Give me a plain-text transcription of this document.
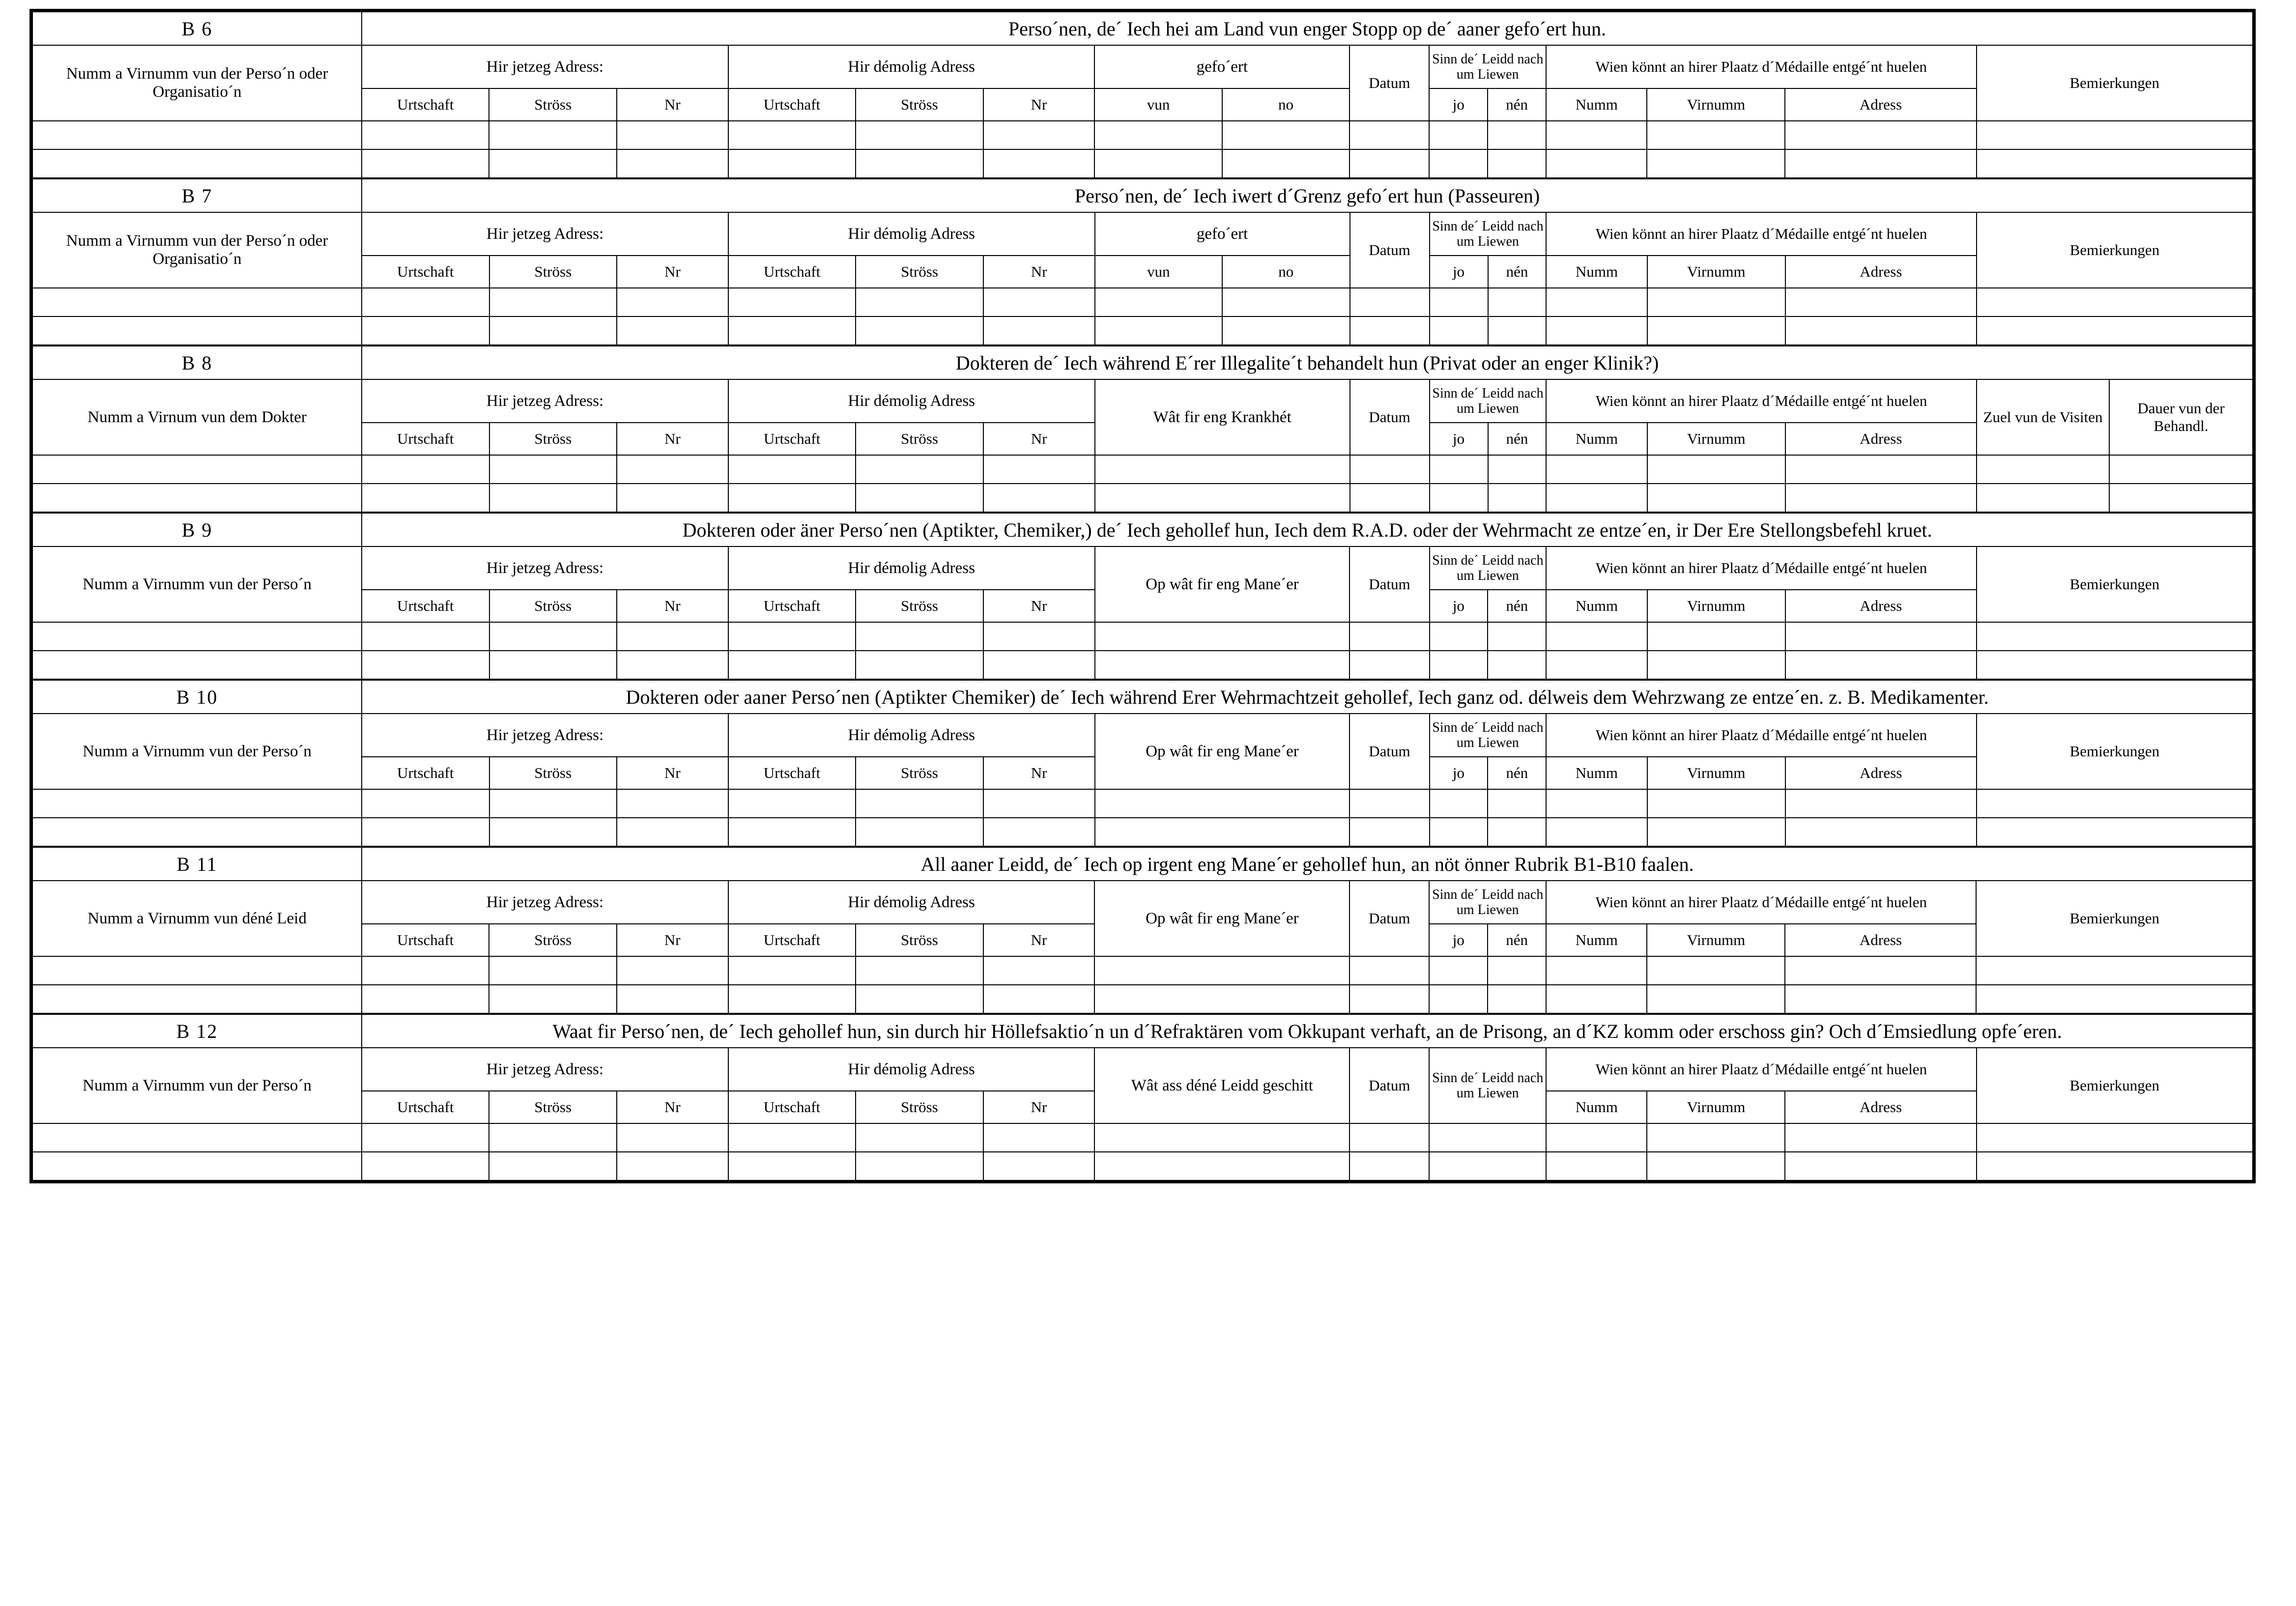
B 6	Perso´nen, de´ Iech hei am Land vun enger Stopp op de´ aaner gefo´ert hun.														
Numm a Virnumm vun der Perso´n oder Organisatio´n	Hir jetzeg Adress:			Hir démolig Adress			gefo´ert		Datum	Sinn de´ Leidd nach um Liewen		Wien könnt an hirer Plaatz d´Médaille entgé´nt huelen			Bemierkungen
	Urtschaft	Ströss	Nr	Urtschaft	Ströss	Nr	vun	no		jo	nén	Numm	Virnumm	Adress	

B 7	Perso´nen, de´ Iech iwert d´Grenz gefo´ert hun (Passeuren)														
Numm a Virnumm vun der Perso´n oder Organisatio´n	Hir jetzeg Adress:			Hir démolig Adress			gefo´ert		Datum	Sinn de´ Leidd nach um Liewen		Wien könnt an hirer Plaatz d´Médaille entgé´nt huelen			Bemierkungen
	Urtschaft	Ströss	Nr	Urtschaft	Ströss	Nr	vun	no		jo	nén	Numm	Virnumm	Adress	

B 8	Dokteren de´ Iech während E´rer Illegalite´t behandelt hun (Privat oder an enger Klinik?)														
Numm a Virnum vun dem Dokter	Hir jetzeg Adress:			Hir démolig Adress			Wât fir eng Krankhét	Datum	Sinn de´ Leidd nach um Liewen		Wien könnt an hirer Plaatz d´Médaille entgé´nt huelen			Zuel vun de Visiten	Dauer vun der Behandl.
	Urtschaft	Ströss	Nr	Urtschaft	Ströss	Nr			jo	nén	Numm	Virnumm	Adress		

B 9	Dokteren oder äner Perso´nen (Aptikter, Chemiker,) de´ Iech gehollef hun, Iech dem R.A.D. oder der Wehrmacht ze entze´en, ir Der Ere Stellongsbefehl kruet.													
Numm a Virnumm vun der Perso´n	Hir jetzeg Adress:			Hir démolig Adress			Op wât fir eng Mane´er	Datum	Sinn de´ Leidd nach um Liewen		Wien könnt an hirer Plaatz d´Médaille entgé´nt huelen			Bemierkungen
	Urtschaft	Ströss	Nr	Urtschaft	Ströss	Nr			jo	nén	Numm	Virnumm	Adress	

B 10	Dokteren oder aaner Perso´nen (Aptikter Chemiker) de´ Iech während Erer Wehrmachtzeit gehollef, Iech ganz od. délweis dem Wehrzwang ze entze´en. z. B. Medikamenter.													
Numm a Virnumm vun der Perso´n	Hir jetzeg Adress:			Hir démolig Adress			Op wât fir eng Mane´er	Datum	Sinn de´ Leidd nach um Liewen		Wien könnt an hirer Plaatz d´Médaille entgé´nt huelen			Bemierkungen
	Urtschaft	Ströss	Nr	Urtschaft	Ströss	Nr			jo	nén	Numm	Virnumm	Adress	

B 11	All aaner Leidd, de´ Iech op irgent eng Mane´er gehollef hun, an nöt önner Rubrik B1-B10 faalen.													
Numm a Virnumm vun déné Leid	Hir jetzeg Adress:			Hir démolig Adress			Op wât fir eng Mane´er	Datum	Sinn de´ Leidd nach um Liewen		Wien könnt an hirer Plaatz d´Médaille entgé´nt huelen			Bemierkungen
	Urtschaft	Ströss	Nr	Urtschaft	Ströss	Nr			jo	nén	Numm	Virnumm	Adress	

B 12	Waat fir Perso´nen, de´ Iech gehollef hun, sin durch hir Höllefsaktio´n un d´Refraktären vom Okkupant verhaft, an de Prisong, an d´KZ komm oder erschoss gin? Och d´Emsiedlung opfe´eren.												
Numm a Virnumm vun der Perso´n	Hir jetzeg Adress:			Hir démolig Adress			Wât ass déné Leidd geschitt	Datum	Sinn de´ Leidd nach um Liewen	Wien könnt an hirer Plaatz d´Médaille entgé´nt huelen			Bemierkungen
	Urtschaft	Ströss	Nr	Urtschaft	Ströss	Nr				Numm	Virnumm	Adress	
